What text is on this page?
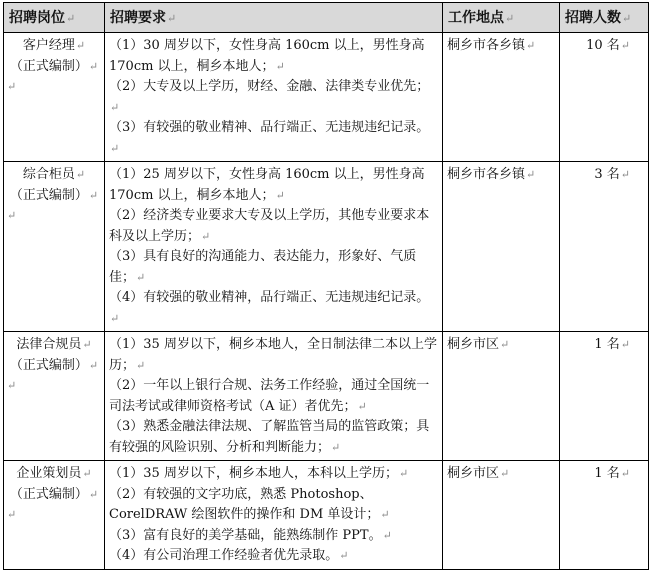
招聘岗位↵	招聘要求↵	工作地点↵	招聘人数↵

客户经理↵
（正式编制）↵
↵	（1）30 周岁以下，女性身高 160cm 以上，男性身高 170cm 以上，桐乡本地人；↵
（2）大专及以上学历，财经、金融、法律类专业优先；↵
（3）有较强的敬业精神、品行端正、无违规违纪记录。↵	桐乡市各乡镇↵	10 名↵

综合柜员↵
（正式编制）↵
↵	（1）25 周岁以下，女性身高 160cm 以上，男性身高 170cm 以上，桐乡本地人；↵
（2）经济类专业要求大专及以上学历，其他专业要求本科及以上学历；↵
（3）具有良好的沟通能力、表达能力，形象好、气质佳；↵
（4）有较强的敬业精神，品行端正、无违规违纪记录。↵	桐乡市各乡镇↵	3 名↵

法律合规员↵
（正式编制）↵
↵	（1）35 周岁以下，桐乡本地人，全日制法律二本以上学历；↵
（2）一年以上银行合规、法务工作经验，通过全国统一司法考试或律师资格考试（A 证）者优先；↵
（3）熟悉金融法律法规、了解监管当局的监管政策；具有较强的风险识别、分析和判断能力；↵	桐乡市区↵	1 名↵

企业策划员↵
（正式编制）↵
↵	（1）35 周岁以下，桐乡本地人，本科以上学历；↵
（2）有较强的文字功底，熟悉 Photoshop、CorelDRAW 绘图软件的操作和 DM 单设计；↵
（3）富有良好的美学基础，能熟练制作 PPT。↵
（4）有公司治理工作经验者优先录取。↵	桐乡市区↵	1 名↵
